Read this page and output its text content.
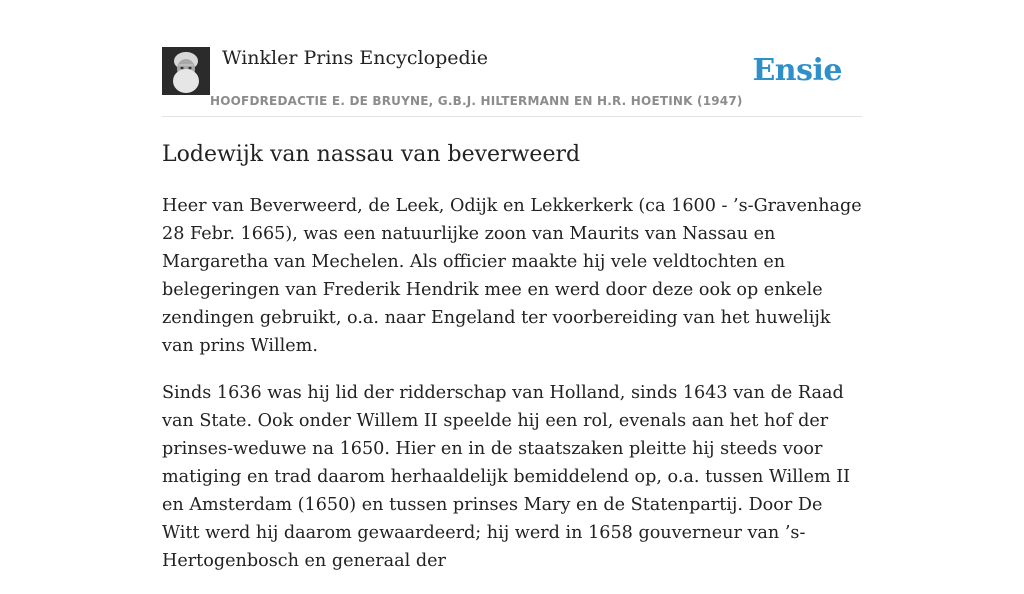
Winkler Prins Encyclopedie
HOOFDREDACTIE E. DE BRUYNE, G.B.J. HILTERMANN EN H.R. HOETINK (1947)
Ensie
Lodewijk van nassau van beverweerd

Heer van Beverweerd, de Leek, Odijk en Lekkerkerk (ca 1600 - ’s-Gravenhage 28 Febr. 1665), was een natuurlijke zoon van Maurits van Nassau en Margaretha van Mechelen. Als officier maakte hij vele veldtochten en belegeringen van Frederik Hendrik mee en werd door deze ook op enkele zendingen gebruikt, o.a. naar Engeland ter voorbereiding van het huwelijk van prins Willem.

Sinds 1636 was hij lid der ridderschap van Holland, sinds 1643 van de Raad van State. Ook onder Willem II speelde hij een rol, evenals aan het hof der prinses-weduwe na 1650. Hier en in de staatszaken pleitte hij steeds voor matiging en trad daarom herhaaldelijk bemiddelend op, o.a. tussen Willem II en Amsterdam (1650) en tussen prinses Mary en de Statenpartij. Door De Witt werd hij daarom gewaardeerd; hij werd in 1658 gouverneur van ’s-Hertogenbosch en generaal der
